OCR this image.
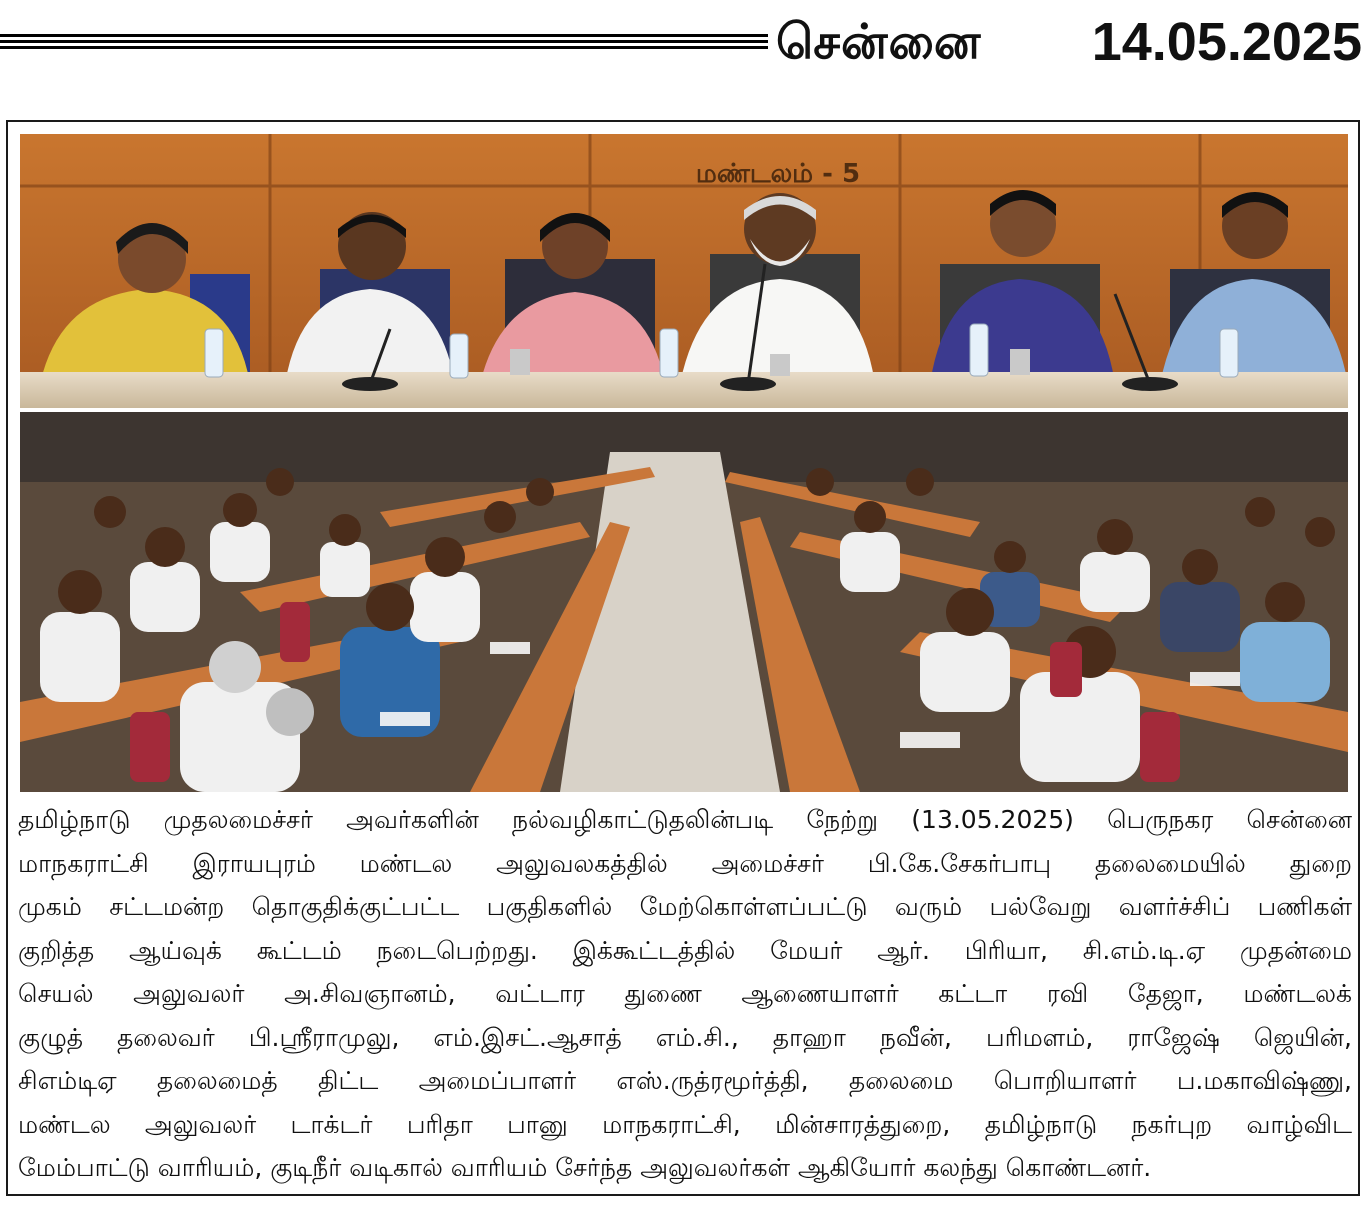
சென்னை 14.05.2025
மண்டலம் - 5
தமிழ்நாடு முதலமைச்சர் அவர்களின் நல்வழிகாட்டுதலின்படி நேற்று (13.05.2025) பெருநகர சென்னை
மாநகராட்சி இராயபுரம் மண்டல அலுவலகத்தில் அமைச்சர் பி.கே.சேகர்பாபு தலைமையில் துறை
முகம் சட்டமன்ற தொகுதிக்குட்பட்ட பகுதிகளில் மேற்கொள்ளப்பட்டு வரும் பல்வேறு வளர்ச்சிப் பணிகள்
குறித்த ஆய்வுக் கூட்டம் நடைபெற்றது. இக்கூட்டத்தில் மேயர் ஆர். பிரியா, சி.எம்.டி.ஏ முதன்மை
செயல் அலுவலர் அ.சிவஞானம், வட்டார துணை ஆணையாளர் கட்டா ரவி தேஜா, மண்டலக்
குழுத் தலைவர் பி.ஸ்ரீராமுலு, எம்.இசட்.ஆசாத் எம்.சி., தாஹா நவீன், பரிமளம், ராஜேஷ் ஜெயின்,
சிஎம்டிஏ தலைமைத் திட்ட அமைப்பாளர் எஸ்.ருத்ரமூர்த்தி, தலைமை பொறியாளர் ப.மகாவிஷ்ணு,
மண்டல அலுவலர் டாக்டர் பரிதா பானு மாநகராட்சி, மின்சாரத்துறை, தமிழ்நாடு நகர்புற வாழ்விட
மேம்பாட்டு வாரியம், குடிநீர் வடிகால் வாரியம் சேர்ந்த அலுவலர்கள் ஆகியோர் கலந்து கொண்டனர்.
